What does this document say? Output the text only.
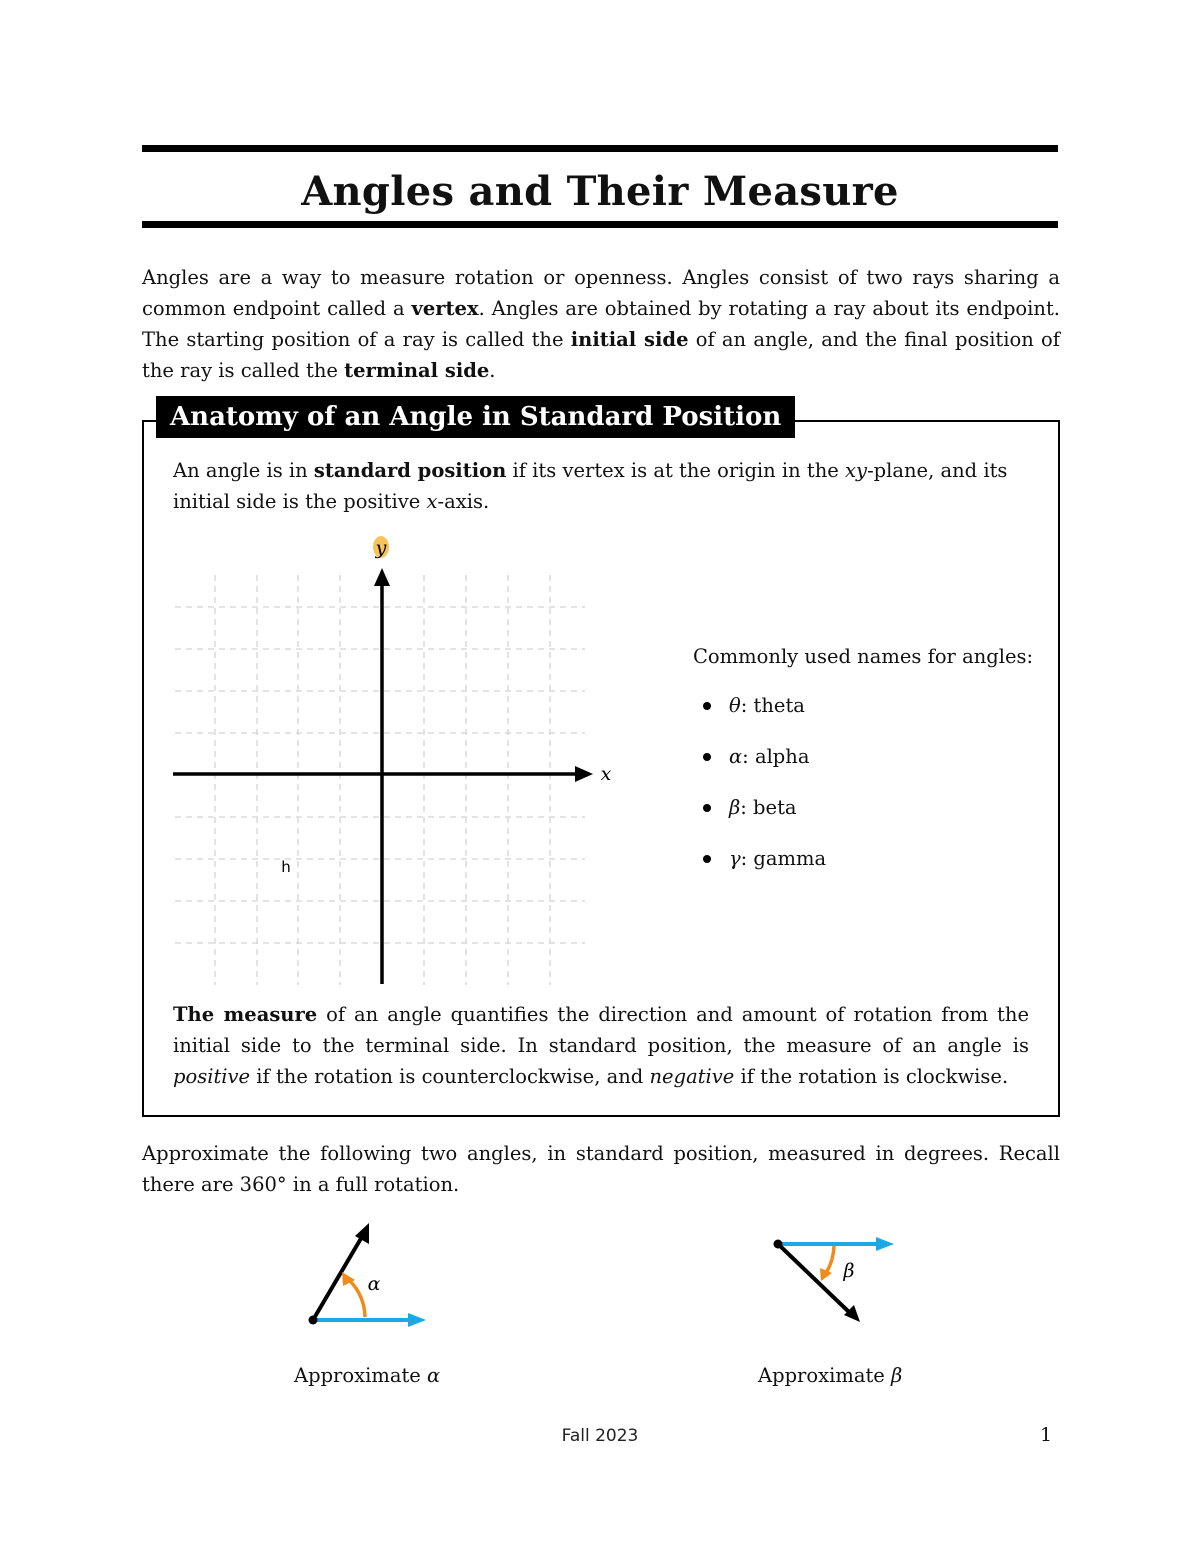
Angles and Their Measure
Angles are a way to measure rotation or openness. Angles consist of two rays sharing a common endpoint called a vertex. Angles are obtained by rotating a ray about its endpoint. The starting position of a ray is called the initial side of an angle, and the final position of the ray is called the terminal side.
Anatomy of an Angle in Standard Position
An angle is in standard position if its vertex is at the origin in the xy-plane, and its initial side is the positive x-axis.
y
x
h
Commonly used names for angles:
θ: theta
α: alpha
β: beta
γ: gamma
The measure of an angle quantifies the direction and amount of rotation from the initial side to the terminal side. In standard position, the measure of an angle is positive if the rotation is counterclockwise, and negative if the rotation is clockwise.
Approximate the following two angles, in standard position, measured in degrees. Recall there are 360° in a full rotation.
α
β
Approximate α	Approximate β
Fall 2023	1
